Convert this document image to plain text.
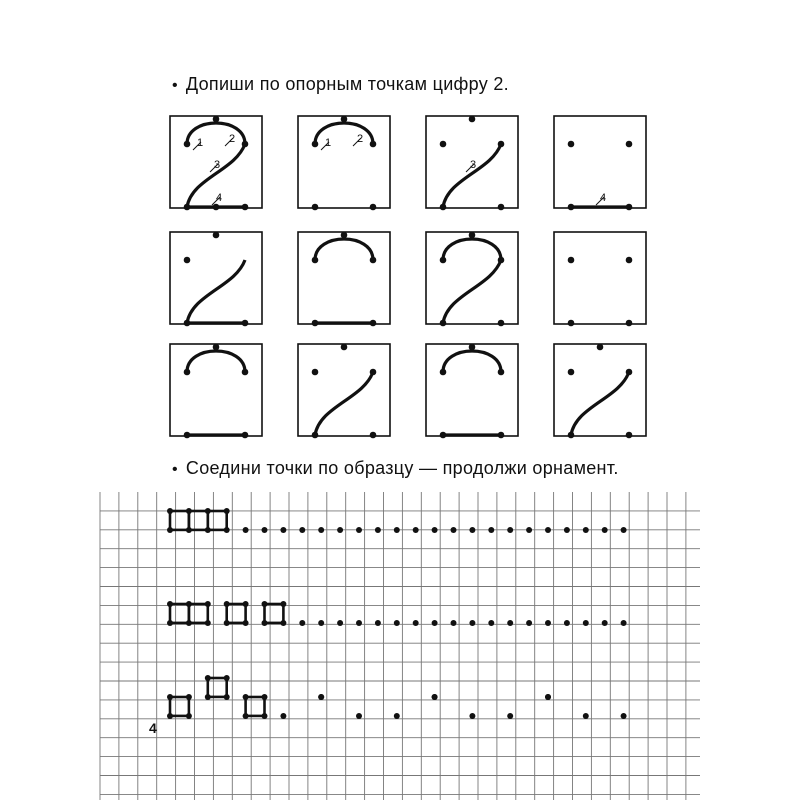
• Допиши по опорным точкам цифру 2.
1 2
3
4
1 2
3
4
• Соедини точки по образцу — продолжи орнамент.
4
